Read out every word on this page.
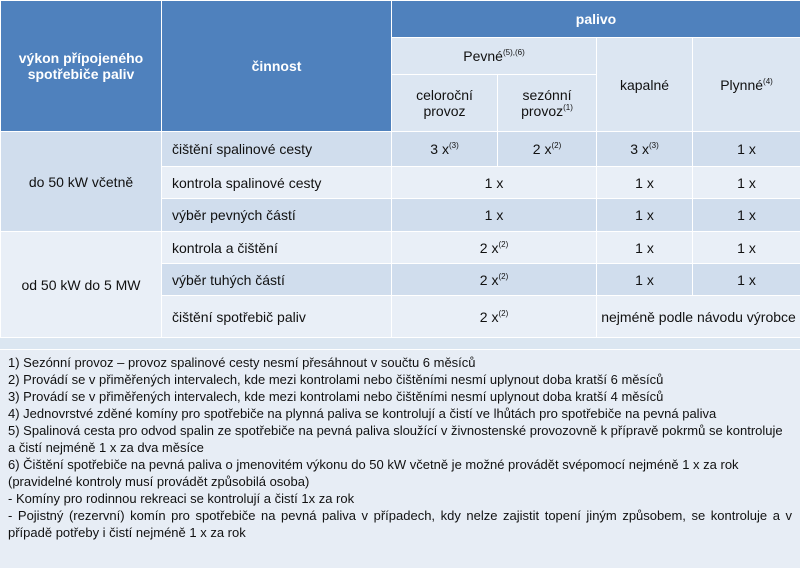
výkon přípojeného spotřebiče paliv	činnost	palivo			
		Pevné$^{(5),(6)}$		kapalné	Plynné$^{(4)}$
		celoroční provoz	sezónní provoz$^{(1)}$
do 50 kW včetně	čištění spalinové cesty	3 $x^{(3)}$	2 $x^{(2)}$	3 $x^{(3)}$	1 x
	kontrola spalinové cesty	1 x		1 x	1 x
	výběr pevných částí	1 x		1 x	1 x
od 50 kW do 5 MW	kontrola a čištění	2 $x^{(2)}$		1 x	1 x
	výběr tuhých částí	2 $x^{(2)}$		1 x	1 x
	čištění spotřebič paliv	2 $x^{(2)}$		nejméně podle návodu výrobce	

1) Sezónní provoz – provoz spalinové cesty nesmí přesáhnout v součtu 6 měsíců

2) Provádí se v přiměřených intervalech, kde mezi kontrolami nebo čištěními nesmí uplynout doba kratší 6 měsíců

3) Provádí se v přiměřených intervalech, kde mezi kontrolami nebo čištěními nesmí uplynout doba kratší 4 měsíců

4) Jednovrstvé zděné komíny pro spotřebiče na plynná paliva se kontrolují a čistí ve lhůtách pro spotřebiče na pevná paliva

5) Spalinová cesta pro odvod spalin ze spotřebiče na pevná paliva sloužící v živnostenské provozovně k přípravě pokrmů se kontroluje a čistí nejméně 1 x za dva měsíce

6) Čištění spotřebiče na pevná paliva o jmenovitém výkonu do 50 kW včetně je možné provádět svépomocí nejméně 1 x za rok (pravidelné kontroly musí provádět způsobilá osoba)

- Komíny pro rodinnou rekreaci se kontrolují a čistí 1x za rok

- Pojistný (rezervní) komín pro spotřebiče na pevná paliva v případech, kdy nelze zajistit topení jiným způsobem, se kontroluje a v případě potřeby i čistí nejméně 1 x za rok
